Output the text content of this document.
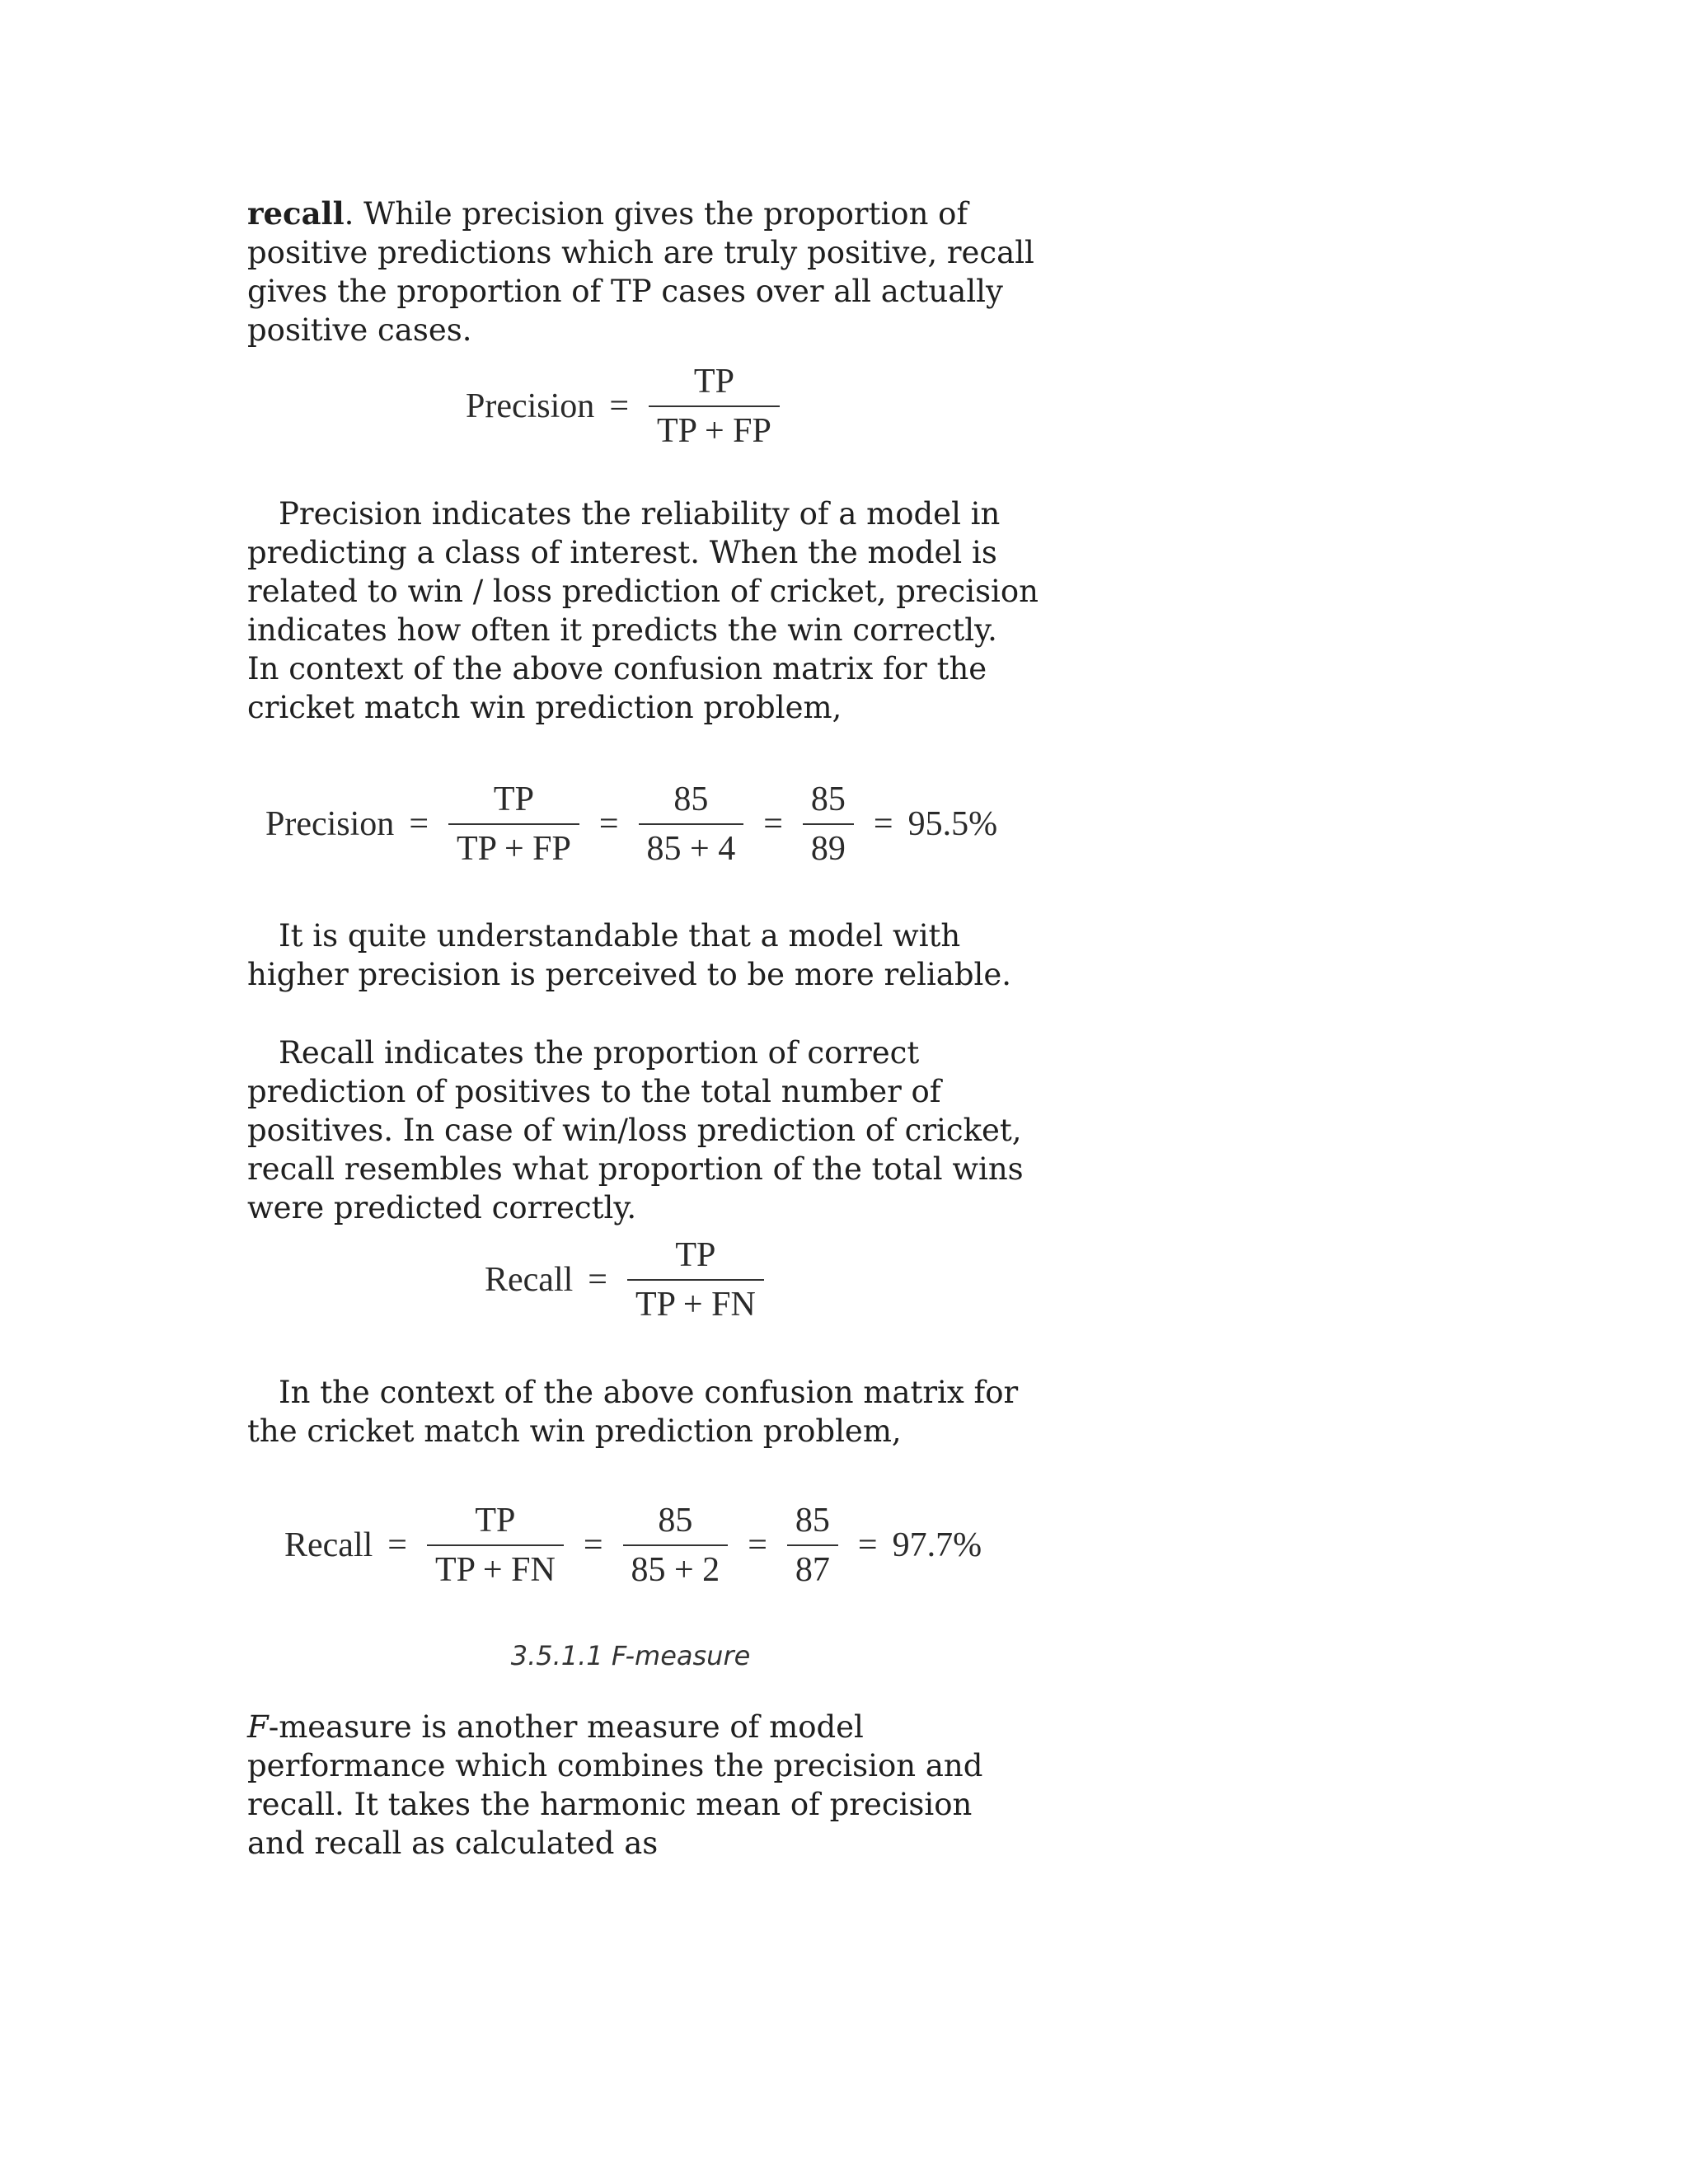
recall. While precision gives the proportion of positive predictions which are truly positive, recall gives the proportion of TP cases over all actually positive cases.

Precision = $\frac{TP}{TP + FP}$

Precision indicates the reliability of a model in predicting a class of interest. When the model is related to win / loss prediction of cricket, precision indicates how often it predicts the win correctly. In context of the above confusion matrix for the cricket match win prediction problem,

Precision = $\frac{TP}{TP + FP} = \frac{85}{85 + 4} = \frac{85}{89} = 95.5\%$

It is quite understandable that a model with higher precision is perceived to be more reliable.

Recall indicates the proportion of correct prediction of positives to the total number of positives. In case of win/loss prediction of cricket, recall resembles what proportion of the total wins were predicted correctly.

Recall = $\frac{TP}{TP + FN}$

In the context of the above confusion matrix for the cricket match win prediction problem,

Recall = $\frac{TP}{TP + FN} = \frac{85}{85 + 2} = \frac{85}{87} = 97.7\%$
3.5.1.1 F-measure

F-measure is another measure of model performance which combines the precision and recall. It takes the harmonic mean of precision and recall as calculated as
